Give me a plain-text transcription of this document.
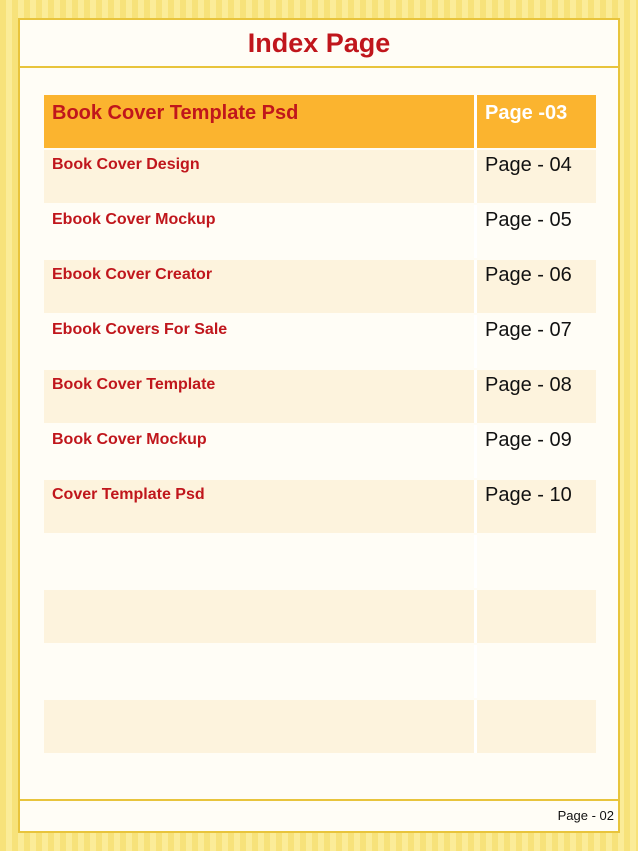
Index Page
Book Cover Template Psd	Page -03
Book Cover Design	Page - 04
Ebook Cover Mockup	Page - 05
Ebook Cover Creator	Page - 06
Ebook Covers For Sale	Page - 07
Book Cover Template	Page - 08
Book Cover Mockup	Page - 09
Cover Template Psd	Page - 10

Page - 02
